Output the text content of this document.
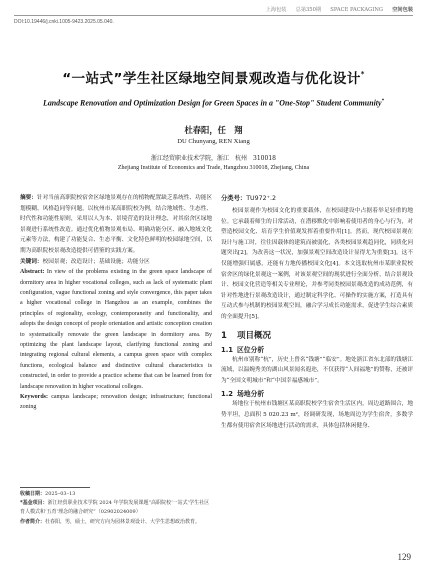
上海包装　 总第350期　 SPACE PACKAGING　 空间包装
DOI:10.19446/j.cnki.1005-9423.2025.05.040.
“一站式”学生社区绿地空间景观改造与优化设计*
Landscape Renovation and Optimization Design for Green Spaces in a "One-Stop" Student Community*
杜春阳，任　翔
DU Chunyang, REN Xiang
浙江经贸职业技术学院，浙江　杭州　310018
Zhejiang Institute of Economics and Trade, Hangzhou 310018, Zhejiang, China

摘要：针对当前高职院校宿舍区绿地景观存在的植物配置缺乏系统性、功能区划模糊、风格趋同等问题，以杭州市某高职院校为例，结合地域性、生态性、时代性和功能性原则，采用以人为本、景境营造的设计理念，对其宿舍区绿地景观进行系统性改造。通过优化植物景观布局、明确功能分区、融入地域文化元素等方法，构建了功能复合、生态平衡、文化特色鲜明的校园绿地空间，以期为高职院校景观改造提供可借鉴的实践方案。

关键词：校园景观；改造设计；基础设施；功能分区

Abstract: In view of the problems existing in the green space landscape of dormitory area in higher vocational colleges, such as lack of systematic plant configuration, vague functional zoning and style convergence, this paper takes a higher vocational college in Hangzhou as an example, combines the principles of regionality, ecology, contemporaneity and functionality, and adopts the design concept of people orientation and artistic conception creation to systematically renovate the green landscape in dormitory area. By optimizing the plant landscape layout, clarifying functional zoning and integrating regional cultural elements, a campus green space with complex functions, ecological balance and distinctive cultural characteristics is constructed, in order to provide a practice scheme that can be learned from for landscape renovation in higher vocational colleges.

Keywords: campus landscape; renovation design; infrastructure; functional zoning

收稿日期：2025–03–13
*基金项目：浙江经贸职业技术学院 2024 年学院发展课题“高职院校‘一站式’学生社区育人模式和‘五育’理念的融合研究”（02902024009）
作者简介：杜春阳，男，硕士，研究方向为园林景观设计、大学生思想政治教育。

分类号：TU972⁺.2

校园景观作为校园文化的重要载体，在校园建设中占据着举足轻重的地位。它承载着师生的日常活动，在潜移默化中影响着使用者的身心与行为，对塑造校园文化、培育学生价值观发挥着重要作用[1]。然而，现代校园景观在设计与施工时，往往因载体的建筑而被弱化，各类校园景观趋同化，同质化问题突出[2]。为改善这一状况，加强景观空间改造设计显得尤为重要[3]。这不仅能增强归属感，还能有力地传播校园文化[4]。本文选取杭州市某职业院校宿舍区的绿化景观这一案例，对该景观空间的现状进行全面分析，结合景观设计、校园文化营造等相关专业理论，并参考同类校园景观改造的成功范例，有针对性地进行景观改造设计，通过制定科学化、可操作的实施方案，打造具有互动式参与机制的校园景观空间，融合学习成长功能需求，促进学生综合素质的全面提升[5]。

1 项目概况
1.1 区位分析

杭州市别称“杭”，历史上曾名“钱塘”“临安”。地处浙江省东北部的钱塘江流域，以温婉秀美的湖山风景闻名遐迩，不仅获得“人间福地”的赞称，还被评为“全国文明城市”和“中国幸福感城市”。

1.2 场地分析

场地位于杭州市钱塘区某高职院校学生宿舍生活区内，周边道路围合，地势平坦，总面积 5 020.23 m²，经调研发现，场地周边为学生宿舍，多数学生都有使用宿舍区场地进行活动的需求，具体包括休闲健身、

129
